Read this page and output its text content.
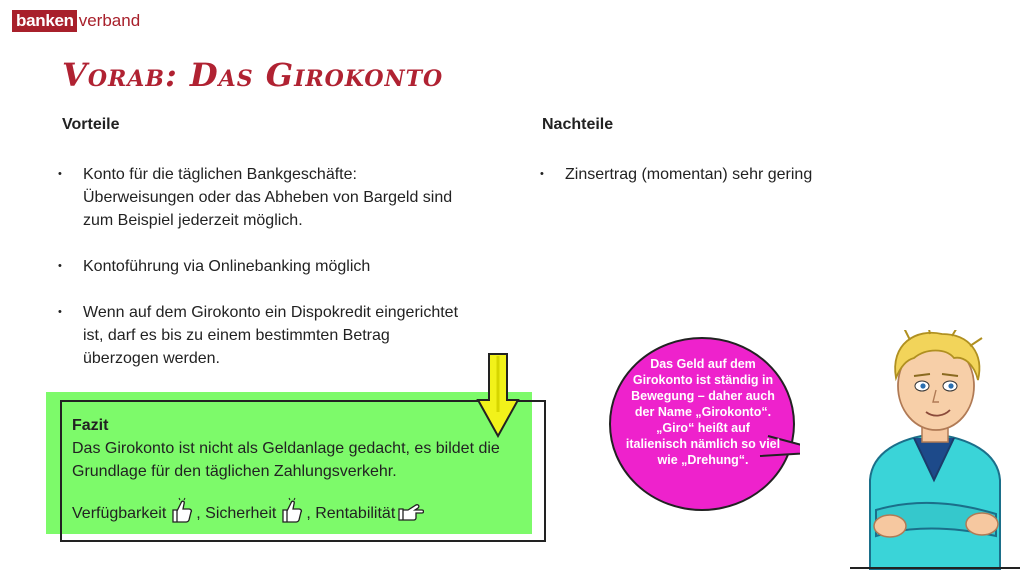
banken verband
Vorab: Das Girokonto
Vorteile
• Konto für die täglichen Bankgeschäfte: Überweisungen oder das Abheben von Bargeld sind zum Beispiel jederzeit möglich.
• Kontoführung via Onlinebanking möglich
• Wenn auf dem Girokonto ein Dispokredit eingerichtet ist, darf es bis zu einem bestimmten Betrag überzogen werden.
Nachteile
• Zinsertrag (momentan) sehr gering
Fazit
Das Girokonto ist nicht als Geldanlage gedacht, es bildet die Grundlage für den täglichen Zahlungsverkehr.
Verfügbarkeit , Sicherheit , Rentabilität
Das Geld auf dem Girokonto ist ständig in Bewegung – daher auch der Name „Girokonto“. „Giro“ heißt auf italienisch nämlich so viel wie „Drehung“.
